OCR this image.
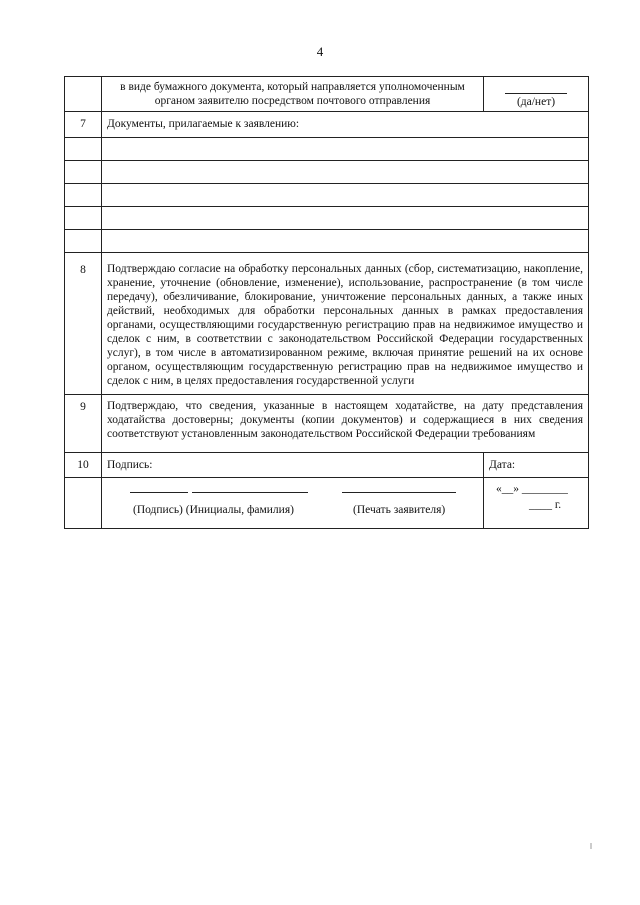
4
	в виде бумажного документа, который направляется уполномоченным органом заявителю посредством почтового отправления	(да/нет)

7	Документы, прилагаемые к заявлению:	

8	Подтверждаю согласие на обработку персональных данных (сбор, систематизацию, накопление, хранение, уточнение (обновление, изменение), использование, распространение (в том числе передачу), обезличивание, блокирование, уничтожение персональных данных, а также иных действий, необходимых для обработки персональных данных в рамках предоставления органами, осуществляющими государственную регистрацию прав на недвижимое имущество и сделок с ним, в соответствии с законодательством Российской Федерации государственных услуг), в том числе в автоматизированном режиме, включая принятие решений на их основе органом, осуществляющим государственную регистрацию прав на недвижимое имущество и сделок с ним, в целях предоставления государственной услуги	
9	Подтверждаю, что сведения, указанные в настоящем ходатайстве, на дату представления ходатайства достоверны; документы (копии документов) и содержащиеся в них сведения соответствуют установленным законодательством Российской Федерации требованиям	
10	Подпись:	Дата:

	(Подпись) (Инициалы, фамилия) (Печать заявителя)	«__» ________
____ г.
